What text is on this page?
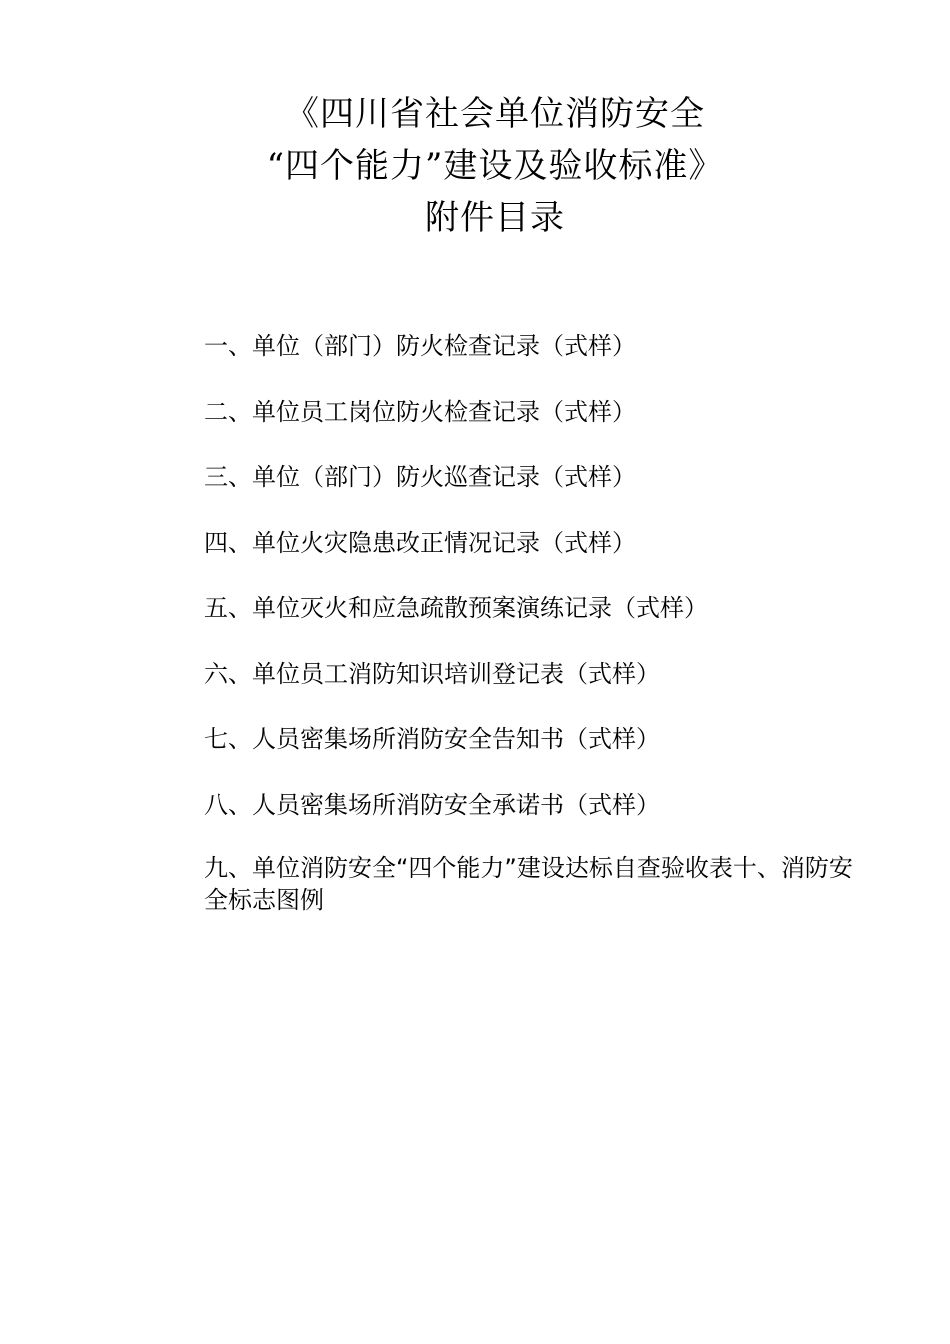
《四川省社会单位消防安全
“四个能力”建设及验收标准》
附件目录
一、单位（部门）防火检查记录（式样）
二、单位员工岗位防火检查记录（式样）
三、单位（部门）防火巡查记录（式样）
四、单位火灾隐患改正情况记录（式样）
五、单位灭火和应急疏散预案演练记录（式样）
六、单位员工消防知识培训登记表（式样）
七、人员密集场所消防安全告知书（式样）
八、人员密集场所消防安全承诺书（式样）
九、单位消防安全“四个能力”建设达标自查验收表十、消防安全标志图例
